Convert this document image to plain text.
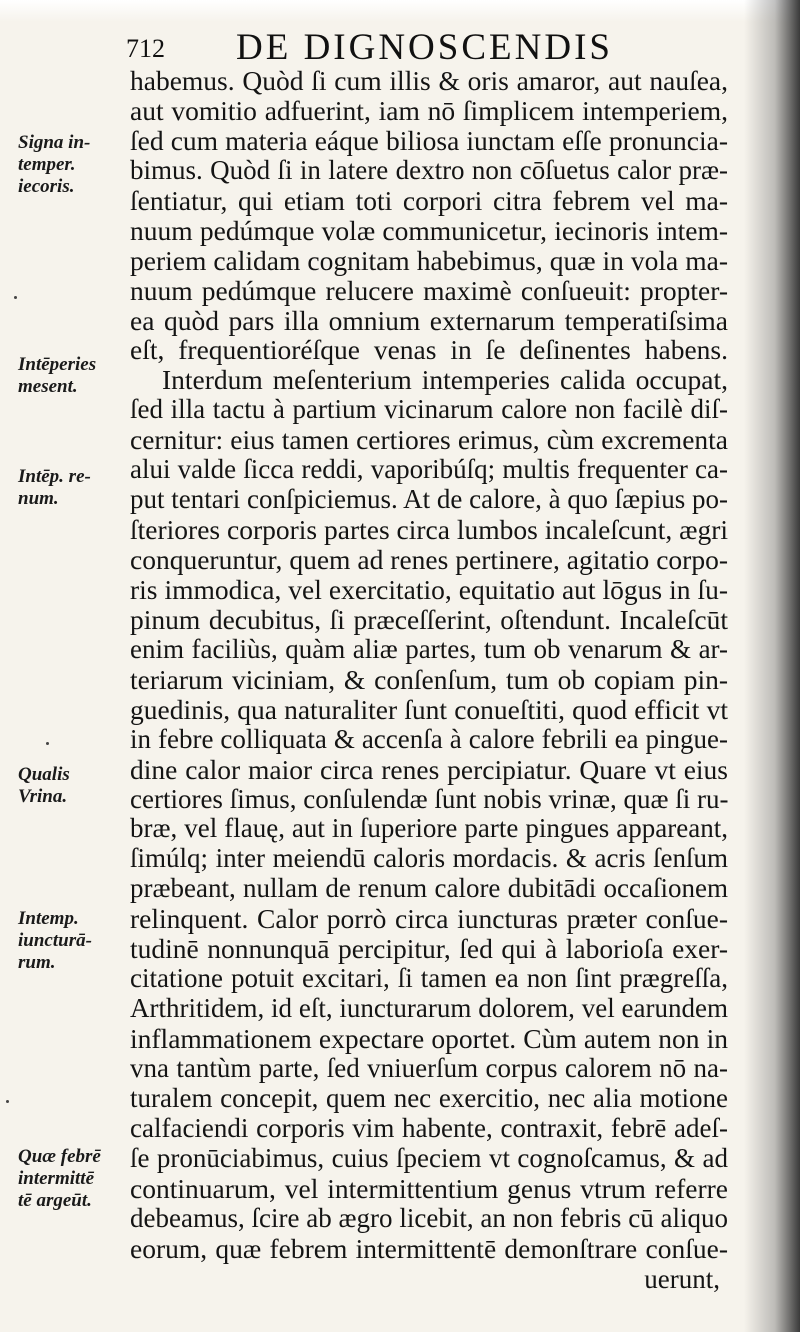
712 DE DIGNOSCENDIS
Signa in-
temper.
iecoris.
Intēperies
mesent.
Intēp. re-
num.
Qualis
Vrina.
Intemp.
iuncturā-
rum.
Quæ febrē
intermittē
tē argeūt.
habemus. Quòd ſi cum illis & oris amaror, aut nauſea,
aut vomitio adfuerint, iam nō ſimplicem intemperiem,
ſed cum materia eáque biliosa iunctam eſſe pronuncia-
bimus. Quòd ſi in latere dextro non cōſuetus calor præ-
ſentiatur, qui etiam toti corpori citra febrem vel ma-
nuum pedúmque volæ communicetur, iecinoris intem-
periem calidam cognitam habebimus, quæ in vola ma-
nuum pedúmque relucere maximè conſueuit: propter-
ea quòd pars illa omnium externarum temperatiſsima
eſt, frequentioréſque venas in ſe deſinentes habens.
Interdum meſenterium intemperies calida occupat,
ſed illa tactu à partium vicinarum calore non facilè diſ-
cernitur: eius tamen certiores erimus, cùm excrementa
alui valde ſicca reddi, vaporibúſq; multis frequenter ca-
put tentari conſpiciemus. At de calore, à quo ſæpius po-
ſteriores corporis partes circa lumbos incaleſcunt, ægri
conqueruntur, quem ad renes pertinere, agitatio corpo-
ris immodica, vel exercitatio, equitatio aut lōgus in ſu-
pinum decubitus, ſi præceſſerint, oſtendunt. Incaleſcūt
enim faciliùs, quàm aliæ partes, tum ob venarum & ar-
teriarum viciniam, & conſenſum, tum ob copiam pin-
guedinis, qua naturaliter ſunt conueſtiti, quod efficit vt
in febre colliquata & accenſa à calore febrili ea pingue-
dine calor maior circa renes percipiatur. Quare vt eius
certiores ſimus, conſulendæ ſunt nobis vrinæ, quæ ſi ru-
bræ, vel flauę, aut in ſuperiore parte pingues appareant,
ſimúlq; inter meiendū caloris mordacis. & acris ſenſum
præbeant, nullam de renum calore dubitādi occaſionem
relinquent. Calor porrò circa iuncturas præter conſue-
tudinē nonnunquā percipitur, ſed qui à laborioſa exer-
citatione potuit excitari, ſi tamen ea non ſint prægreſſa,
Arthritidem, id eſt, iuncturarum dolorem, vel earundem
inflammationem expectare oportet. Cùm autem non in
vna tantùm parte, ſed vniuerſum corpus calorem nō na-
turalem concepit, quem nec exercitio, nec alia motione
calfaciendi corporis vim habente, contraxit, febrē adeſ-
ſe pronūciabimus, cuius ſpeciem vt cognoſcamus, & ad
continuarum, vel intermittentium genus vtrum referre
debeamus, ſcire ab ægro licebit, an non febris cū aliquo
eorum, quæ febrem intermittentē demonſtrare conſue-
uerunt,
